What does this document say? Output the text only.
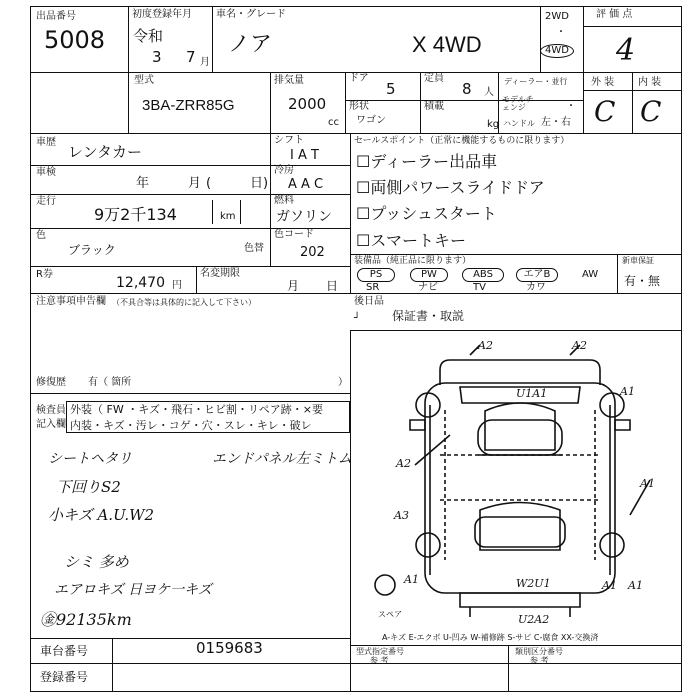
出品番号
5008
初度登録年月
令和
3 7 月
車名・グレード
ノア	X 4WD
2WD
・
4WD
評 価 点
4
型式
3BA-ZRR85G
排気量
2000
cc
ドア
5
定員
8 人
ディーラー・並行
形状
ワゴン
積載
kg
モデルチェンジ	・
ハンドル 左・右
外 装 内 装
C C
車歴
レンタカー
シフト
I A T
車検
年	月 (	日 )
冷房
A A C
走行
9万2千134	km
燃料
ガソリン
色
ブラック	色替
色コード
202
R券
12,470 円
名変期限
月 日
セールスポイント（正常に機能するものに限ります）
☐ディーラー出品車
☐両側パワースライドドア
☐プッシュスタート
☐スマートキー
装備品（純正品に限ります）
PS	PW	ABS	エアB	AW
SR	ナビ	TV	カワ
新車保証
有・無
注意事項申告欄 （不具合等は具体的に記入して下さい）
修復歴 有（ 箇所	）
後日品
┘	保証書・取説
検査員
記入欄
外装（ FW ・キズ・飛石・ヒビ割・リペア跡・×要
内装・キズ・汚レ・コゲ・穴・スレ・キレ・破レ
シートヘタリ	エンドパネル左ミトム
下回りS2
小キズ A.U.W2
シミ 多め
エアロキズ 日ヨケ一キズ
㊎92135km
A2	A2
U1A1	A1
A2
A1
A3
A1	W2U1	A1 A1
U2A2
スペア
A-キズ E-エクボ U-凹み W-補修跡 S-サビ C-腐食 XX-交換済
車台番号	0159683
登録番号
型式指定番号
参 考
類別区分番号
参 考
